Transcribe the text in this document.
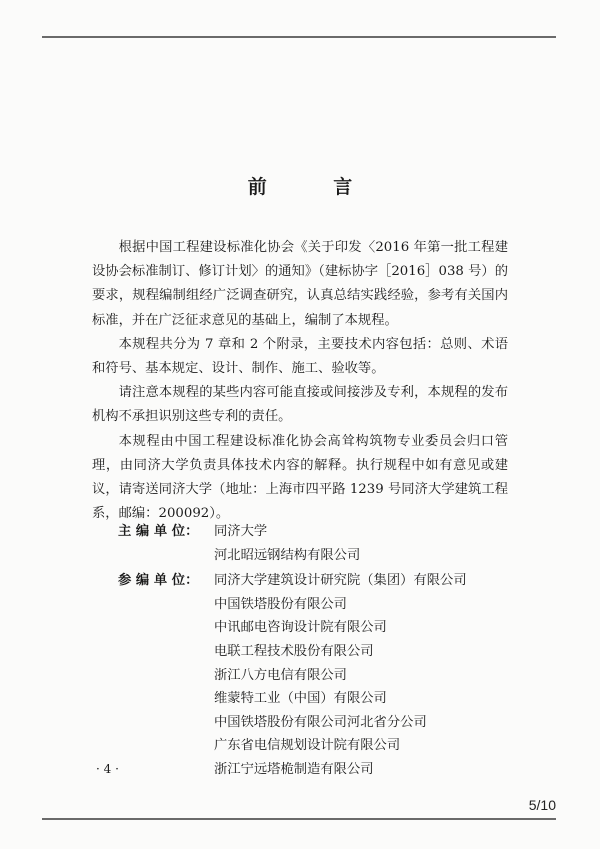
前 言

根据中国工程建设标准化协会《关于印发〈2016 年第一批工程建设协会标准制订、修订计划〉的通知》（建标协字［2016］038 号）的要求，规程编制组经广泛调查研究，认真总结实践经验，参考有关国内标准，并在广泛征求意见的基础上，编制了本规程。

本规程共分为 7 章和 2 个附录，主要技术内容包括：总则、术语和符号、基本规定、设计、制作、施工、验收等。

请注意本规程的某些内容可能直接或间接涉及专利，本规程的发布机构不承担识别这些专利的责任。

本规程由中国工程建设标准化协会高耸构筑物专业委员会归口管理，由同济大学负责具体技术内容的解释。执行规程中如有意见或建议，请寄送同济大学（地址：上海市四平路 1239 号同济大学建筑工程系，邮编：200092）。

主 编 单 位：	同济大学
河北昭远钢结构有限公司
参 编 单 位：	同济大学建筑设计研究院（集团）有限公司
中国铁塔股份有限公司
中讯邮电咨询设计院有限公司
电联工程技术股份有限公司
浙江八方电信有限公司
维蒙特工业（中国）有限公司
中国铁塔股份有限公司河北省分公司
广东省电信规划设计院有限公司
浙江宁远塔桅制造有限公司
· 4 ·
5/10
